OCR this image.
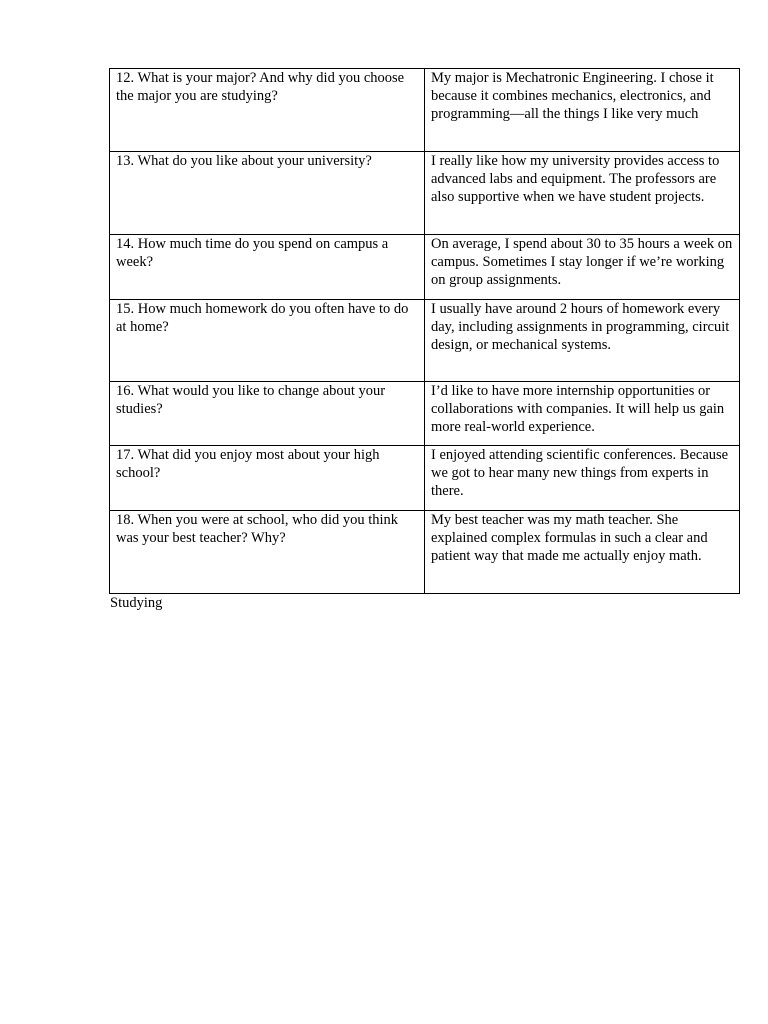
12. What is your major? And why did you choose the major you are studying?	My major is Mechatronic Engineering. I chose it because it combines mechanics, electronics, and programming—all the things I like very much
13. What do you like about your university?	I really like how my university provides access to advanced labs and equipment. The professors are also supportive when we have student projects.
14. How much time do you spend on campus a week?	On average, I spend about 30 to 35 hours a week on campus. Sometimes I stay longer if we’re working on group assignments.
15. How much homework do you often have to do at home?	I usually have around 2 hours of homework every day, including assignments in programming, circuit design, or mechanical systems.
16. What would you like to change about your studies?	I’d like to have more internship opportunities or collaborations with companies. It will help us gain more real-world experience.
17. What did you enjoy most about your high school?	I enjoyed attending scientific conferences. Because we got to hear many new things from experts in there.
18. When you were at school, who did you think was your best teacher? Why?	My best teacher was my math teacher. She explained complex formulas in such a clear and patient way that made me actually enjoy math.
Studying
